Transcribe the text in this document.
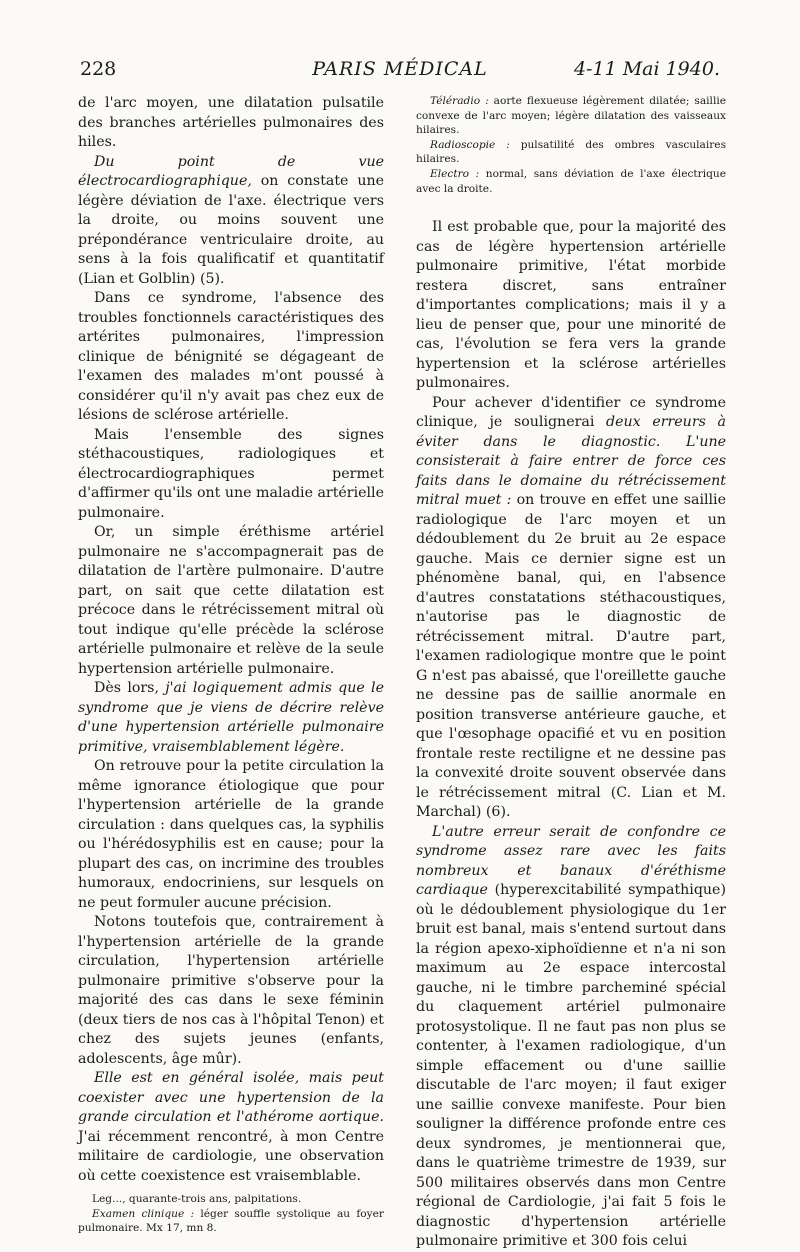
228	PARIS MÉDICAL	4-11 Mai 1940.

de l'arc moyen, une dilatation pulsatile des branches artérielles pulmonaires des hiles.

Du point de vue électrocardiographique, on constate une légère déviation de l'axe. électrique vers la droite, ou moins souvent une prépondérance ventriculaire droite, au sens à la fois qualificatif et quantitatif (Lian et Golblin) (5).

Dans ce syndrome, l'absence des troubles fonctionnels caractéristiques des artérites pulmonaires, l'impression clinique de bénignité se dégageant de l'examen des malades m'ont poussé à considérer qu'il n'y avait pas chez eux de lésions de sclérose artérielle.

Mais l'ensemble des signes stéthacoustiques, radiologiques et électrocardiographiques permet d'affirmer qu'ils ont une maladie artérielle pulmonaire.

Or, un simple éréthisme artériel pulmonaire ne s'accompagnerait pas de dilatation de l'artère pulmonaire. D'autre part, on sait que cette dilatation est précoce dans le rétrécissement mitral où tout indique qu'elle précède la sclérose artérielle pulmonaire et relève de la seule hypertension artérielle pulmonaire.

Dès lors, j'ai logiquement admis que le syndrome que je viens de décrire relève d'une hypertension artérielle pulmonaire primitive, vraisemblablement légère.

On retrouve pour la petite circulation la même ignorance étiologique que pour l'hypertension artérielle de la grande circulation : dans quelques cas, la syphilis ou l'hérédosyphilis est en cause; pour la plupart des cas, on incrimine des troubles humoraux, endocriniens, sur lesquels on ne peut formuler aucune précision.

Notons toutefois que, contrairement à l'hypertension artérielle de la grande circulation, l'hypertension artérielle pulmonaire primitive s'observe pour la majorité des cas dans le sexe féminin (deux tiers de nos cas à l'hôpital Tenon) et chez des sujets jeunes (enfants, adolescents, âge mûr).

Elle est en général isolée, mais peut coexister avec une hypertension de la grande circulation et l'athérome aortique. J'ai récemment rencontré, à mon Centre militaire de cardiologie, une observation où cette coexistence est vraisemblable.

Leg..., quarante-trois ans, palpitations.

Examen clinique : léger souffle systolique au foyer pulmonaire. Mx 17, mn 8.

Téléradio : aorte flexueuse légèrement dilatée; saillie convexe de l'arc moyen; légère dilatation des vaisseaux hilaires.

Radioscopie : pulsatilité des ombres vasculaires hilaires.

Electro : normal, sans déviation de l'axe électrique avec la droite.

Il est probable que, pour la majorité des cas de légère hypertension artérielle pulmonaire primitive, l'état morbide restera discret, sans entraîner d'importantes complications; mais il y a lieu de penser que, pour une minorité de cas, l'évolution se fera vers la grande hypertension et la sclérose artérielles pulmonaires.

Pour achever d'identifier ce syndrome clinique, je soulignerai deux erreurs à éviter dans le diagnostic. L'une consisterait à faire entrer de force ces faits dans le domaine du rétrécissement mitral muet : on trouve en effet une saillie radiologique de l'arc moyen et un dédoublement du 2e bruit au 2e espace gauche. Mais ce dernier signe est un phénomène banal, qui, en l'absence d'autres constatations stéthacoustiques, n'autorise pas le diagnostic de rétrécissement mitral. D'autre part, l'examen radiologique montre que le point G n'est pas abaissé, que l'oreillette gauche ne dessine pas de saillie anormale en position transverse antérieure gauche, et que l'œsophage opacifié et vu en position frontale reste rectiligne et ne dessine pas la convexité droite souvent observée dans le rétrécissement mitral (C. Lian et M. Marchal) (6).

L'autre erreur serait de confondre ce syndrome assez rare avec les faits nombreux et banaux d'éréthisme cardiaque (hyperexcitabilité sympathique) où le dédoublement physiologique du 1er bruit est banal, mais s'entend surtout dans la région apexo-xiphoïdienne et n'a ni son maximum au 2e espace intercostal gauche, ni le timbre parcheminé spécial du claquement artériel pulmonaire protosystolique. Il ne faut pas non plus se contenter, à l'examen radiologique, d'un simple effacement ou d'une saillie discutable de l'arc moyen; il faut exiger une saillie convexe manifeste. Pour bien souligner la différence profonde entre ces deux syndromes, je mentionnerai que, dans le quatrième trimestre de 1939, sur 500 militaires observés dans mon Centre régional de Cardiologie, j'ai fait 5 fois le diagnostic d'hypertension artérielle pulmonaire primitive et 300 fois celui
